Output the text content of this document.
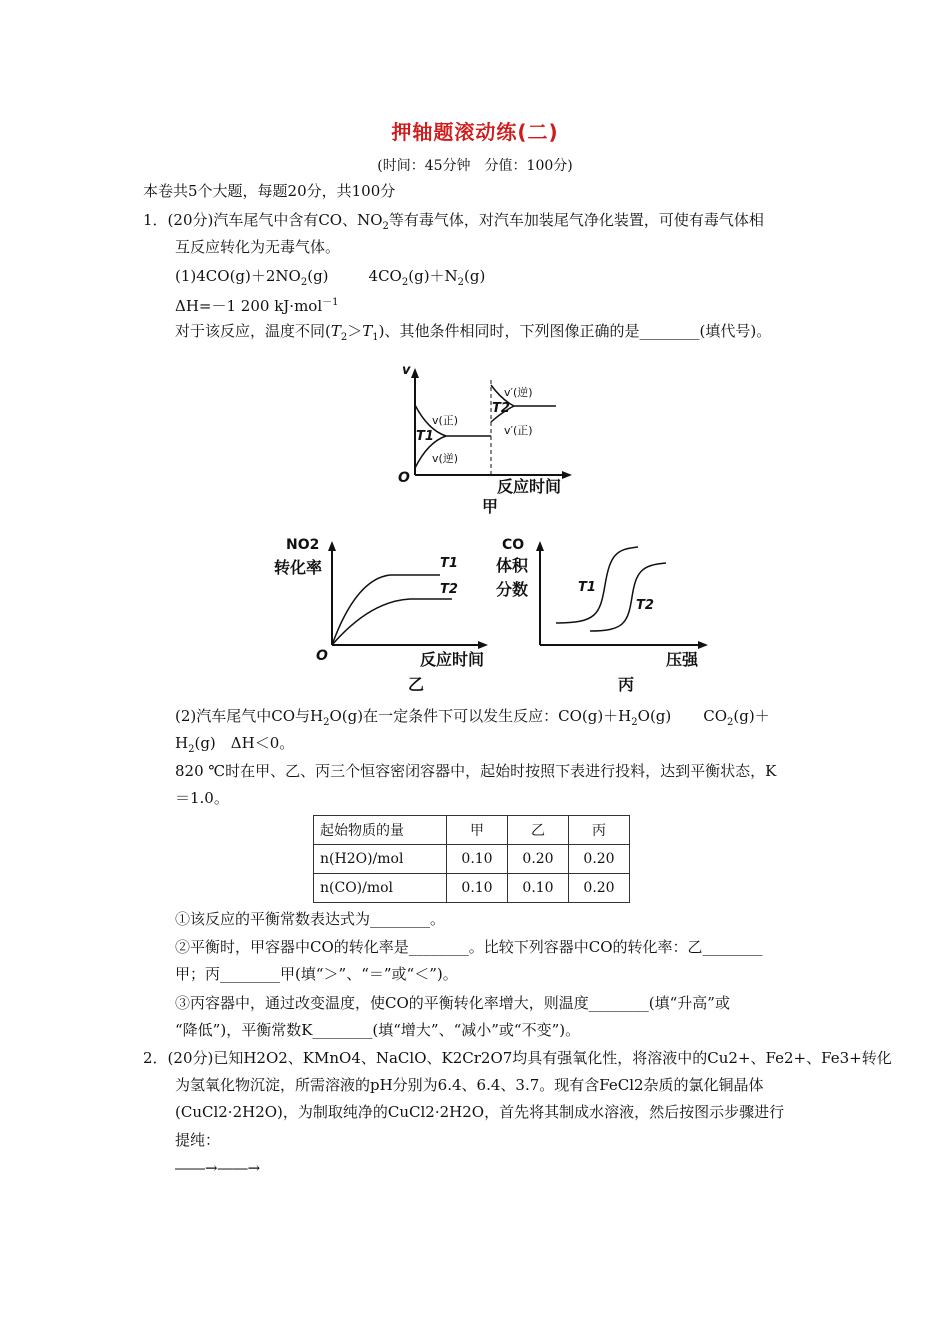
押轴题滚动练(二)
(时间：45分钟　分值：100分)
本卷共5个大题，每题20分，共100分
1．(20分)汽车尾气中含有CO、$NO_2$等有毒气体，对汽车加装尾气净化装置，可使有毒气体相
互反应转化为无毒气体。
$(1)4CO(g)+2NO_2(g)$	$4CO_2(g)+N_2(g)$
ΔH=－1 200 kJ·mol$^{-1}$
对于该反应，温度不同$(T_2>T_1)$、其他条件相同时，下列图像正确的是________(填代号)。
v
O	反应时间
甲
T1
T2
v(正)
v(逆)
v′(逆)
v′(正)
NO2
转化率
O	反应时间
乙
T1
T2
CO
体积
分数
压强
丙
T1
T2
(2)汽车尾气中CO与$H_2O(g)$在一定条件下可以发生反应：$CO(g)+H_2O(g)$ $CO_2(g)+$
$H_2(g)$　ΔH＜0。
820 ℃时在甲、乙、丙三个恒容密闭容器中，起始时按照下表进行投料，达到平衡状态，K
＝1.0。
起始物质的量	甲	乙	丙
n(H2O)/mol	0.10	0.20	0.20
n(CO)/mol	0.10	0.10	0.20
①该反应的平衡常数表达式为________。
②平衡时，甲容器中CO的转化率是________。比较下列容器中CO的转化率：乙________
甲；丙________甲(填“＞”、“＝”或“＜”)。
③丙容器中，通过改变温度，使CO的平衡转化率增大，则温度________(填“升高”或
“降低”)，平衡常数K________(填“增大”、“减小”或“不变”)。
2．(20分)已知H2O2、KMnO4、NaClO、K2Cr2O7均具有强氧化性，将溶液中的Cu2+、Fe2+、Fe3+转化
为氢氧化物沉淀，所需溶液的pH分别为6.4、6.4、3.7。现有含FeCl2杂质的氯化铜晶体
(CuCl2·2H2O)，为制取纯净的CuCl2·2H2O，首先将其制成水溶液，然后按图示步骤进行
提纯：
――→――→
